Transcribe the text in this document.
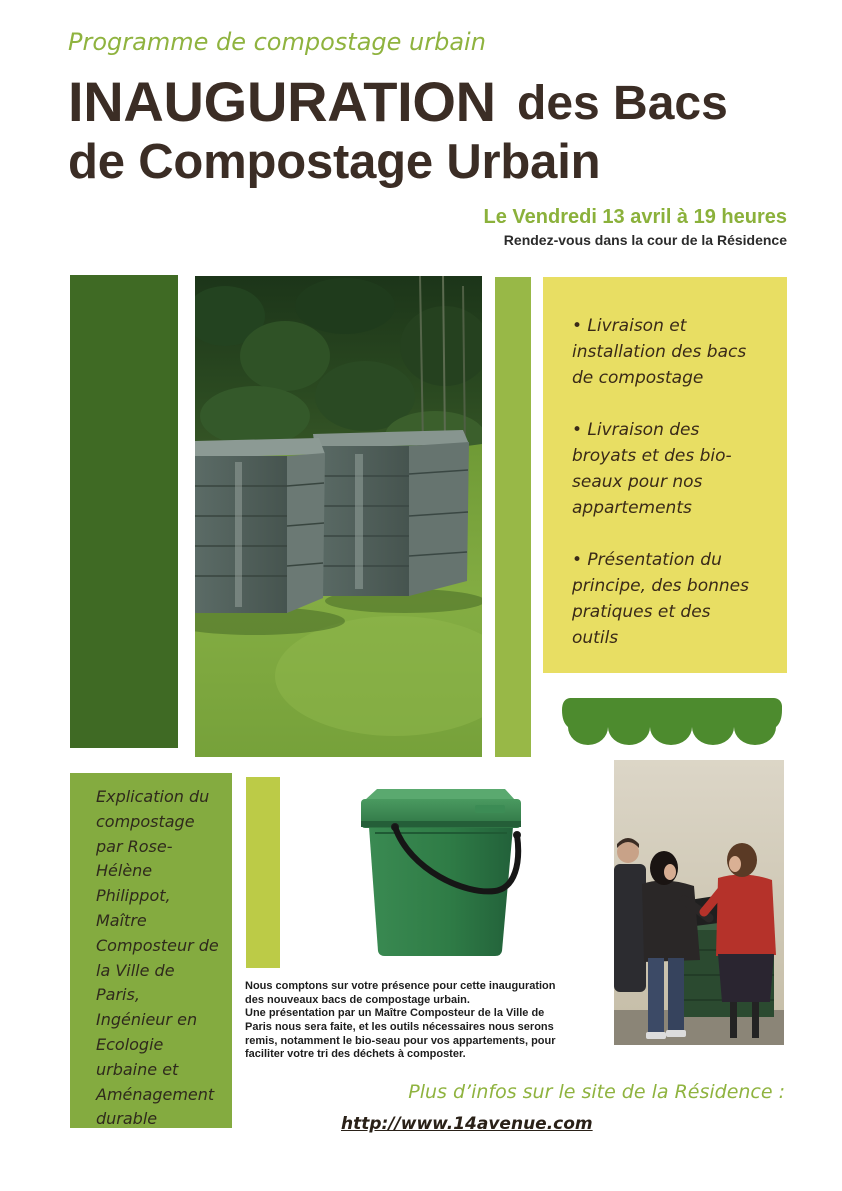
Programme de compostage urbain
INAUGURATION des Bacs
de Compostage Urbain
Le Vendredi 13 avril à 19 heures
Rendez-vous dans la cour de la Résidence
• Livraison et
installation des bacs
de compostage
• Livraison des
broyats et des bio-
seaux pour nos
appartements
• Présentation du
principe, des bonnes
pratiques et des
outils
Explication du
compostage
par Rose-
Hélène
Philippot,
Maître
Composteur de
la Ville de
Paris,
Ingénieur en
Ecologie
urbaine et
Aménagement
durable
Nous comptons sur votre présence pour cette inauguration
des nouveaux bacs de compostage urbain.
Une présentation par un Maître Composteur de la Ville de
Paris nous sera faite, et les outils nécessaires nous serons
remis, notamment le bio-seau pour vos appartements, pour
faciliter votre tri des déchets à composter.
Plus d’infos sur le site de la Résidence :
http://www.14avenue.com
